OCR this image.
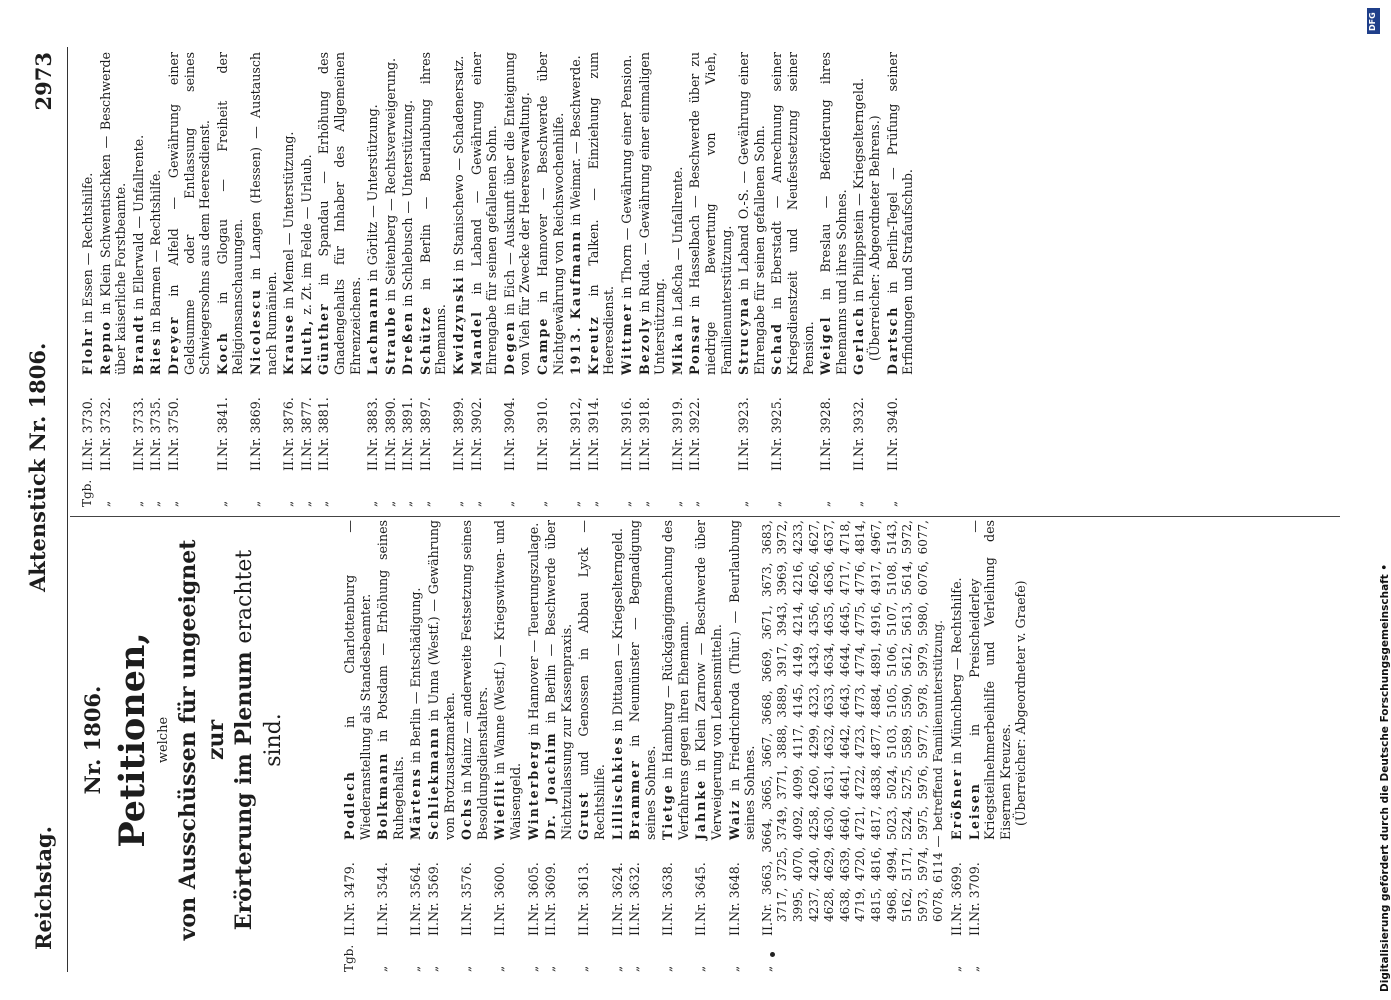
Reichstag.
Aktenstück Nr. 1806.
2973
Nr. 1806. Petitionen, welche von Ausschüssen für ungeeignet zur Erörterung im Plenum erachtet sind.
Tgb.
II.
Nr. 3479.
Podlech in Charlottenburg — Wiederanstellung als Standesbeamter.
„
II.
Nr. 3544.
Bolkmann in Potsdam — Erhöhung seines Ruhegehalts.
„
II.
Nr. 3564.
Märtens in Berlin — Entschädigung.
„
II.
Nr. 3569.
Schliekmann in Unna (Westf.) — Gewährung von Brotzusatzmarken.
„
II.
Nr. 3576.
Ochs in Mainz — anderweite Festsetzung seines Besoldungsdienstalters.
„
II.
Nr. 3600.
Wieflit in Wanne (Westf.) — Kriegswitwen- und Waisengeld.
„
II.
Nr. 3605.
Winterberg in Hannover — Teuerungszulage.
„
II.
Nr. 3609.
Dr. Joachim in Berlin — Beschwerde über Nichtzulassung zur Kassenpraxis.
„
II.
Nr. 3613.
Grust und Genossen in Abbau Lyck — Rechtshilfe.
„
II.
Nr. 3624.
Lillischkies in Dittauen — Kriegselterngeld.
„
II.
Nr. 3632.
Brammer in Neumünster — Begnadigung seines Sohnes.
„
II.
Nr. 3638.
Tietge in Hamburg — Rückgängigmachung des Verfahrens gegen ihren Ehemann.
„
II.
Nr. 3645.
Jahnke in Klein Zarnow — Beschwerde über Verweigerung von Lebensmitteln.
„
II.
Nr. 3648.
Waiz in Friedrichroda (Thür.) — Beurlaubung seines Sohnes.
„
II.
Nr. 3663, 3664, 3665, 3667, 3668, 3669, 3671, 3673, 3683, 3717, 3725, 3749, 3771, 3888, 3889, 3917, 3943, 3969, 3972, 3995, 4070, 4092, 4099, 4117, 4145, 4149, 4214, 4216, 4233, 4237, 4240, 4258, 4260, 4299, 4323, 4343, 4356, 4626, 4627, 4628, 4629, 4630, 4631, 4632, 4633, 4634, 4635, 4636, 4637, 4638, 4639, 4640, 4641, 4642, 4643, 4644, 4645, 4717, 4718, 4719, 4720, 4721, 4722, 4723, 4773, 4774, 4775, 4776, 4814, 4815, 4816, 4817, 4838, 4877, 4884, 4891, 4916, 4917, 4967, 4968, 4994, 5023, 5024, 5103, 5105, 5106, 5107, 5108, 5143, 5162, 5171, 5224, 5275, 5589, 5590, 5612, 5613, 5614, 5972, 5973, 5974, 5975, 5976, 5977, 5978, 5979, 5980, 6076, 6077, 6078, 6114 — betreffend Familienunterstützung.
„
II.
Nr. 3699.
Erößner in Münchberg — Rechtshilfe.
„
II.
Nr. 3709.
Leisen in Preischeiderley — Kriegsteilnehmerbeihilfe und Verleihung des Eisernen Kreuzes. (Überreicher: Abgeordneter v. Graefe)
Tgb.
II.
Nr. 3730.
Flohr in Essen — Rechtshilfe.
„
II.
Nr. 3732.
Repno in Klein Schwentischken — Beschwerde über kaiserliche Forstbeamte.
„
II.
Nr. 3733.
Brandt in Ellerwald — Unfallrente.
„
II.
Nr. 3735.
Ries in Barmen — Rechtshilfe.
„
II.
Nr. 3750.
Dreyer in Alfeld — Gewährung einer Geldsumme oder Entlassung seines Schwiegersohns aus dem Heeresdienst.
„
II.
Nr. 3841.
Koch in Glogau — Freiheit der Religionsanschauungen.
„
II.
Nr. 3869.
Nicolescu in Langen (Hessen) — Austausch nach Rumänien.
„
II.
Nr. 3876.
Krause in Memel — Unterstützung.
„
II.
Nr. 3877.
Kluth, z. Zt. im Felde — Urlaub.
„
II.
Nr. 3881.
Günther in Spandau — Erhöhung des Gnadengehalts für Inhaber des Allgemeinen Ehrenzeichens.
„
II.
Nr. 3883.
Lachmann in Görlitz — Unterstützung.
„
II.
Nr. 3890.
Straube in Seitenberg — Rechtsverweigerung.
„
II.
Nr. 3891.
Dreßen in Schlebusch — Unterstützung.
„
II.
Nr. 3897.
Schütze in Berlin — Beurlaubung ihres Ehemanns.
„
II.
Nr. 3899.
Kwidzynski in Stanischewo — Schadenersatz.
„
II.
Nr. 3902.
Mandel in Laband — Gewährung einer Ehrengabe für seinen gefallenen Sohn.
„
II.
Nr. 3904.
Degen in Eich — Auskunft über die Enteignung von Vieh für Zwecke der Heeresverwaltung.
„
II.
Nr. 3910.
Campe in Hannover — Beschwerde über Nichtgewährung von Reichswochenhilfe.
„
II.
Nr. 3912,
1913. Kaufmann in Weimar. — Beschwerde.
„
II.
Nr. 3914.
Kreutz in Talken. — Einziehung zum Heeresdienst.
„
II.
Nr. 3916.
Wittmer in Thorn — Gewährung einer Pension.
„
II.
Nr. 3918.
Bezoly in Ruda. — Gewährung einer einmaligen Unterstützung.
„
II.
Nr. 3919.
Mika in Laßcha — Unfallrente.
„
II.
Nr. 3922.
Ponsar in Hasselbach — Beschwerde über zu niedrige Bewertung von Vieh, Familienunterstützung.
„
II.
Nr. 3923.
Strucyna in Laband O.-S. — Gewährung einer Ehrengabe für seinen gefallenen Sohn.
„
II.
Nr. 3925.
Schad in Eberstadt — Anrechnung seiner Kriegsdienstzeit und Neufestsetzung seiner Pension.
„
II.
Nr. 3928.
Weigel in Breslau — Beförderung ihres Ehemanns und ihres Sohnes.
„
II.
Nr. 3932.
Gerlach in Philippstein — Kriegselterngeld. (Überreicher: Abgeordneter Behrens.)
„
II.
Nr. 3940.
Dartsch in Berlin-Tegel — Prüfung seiner Erfindungen und Strafaufschub.
Digitalisierung gefördert durch die Deutsche Forschungsgemeinschaft •
DFG
